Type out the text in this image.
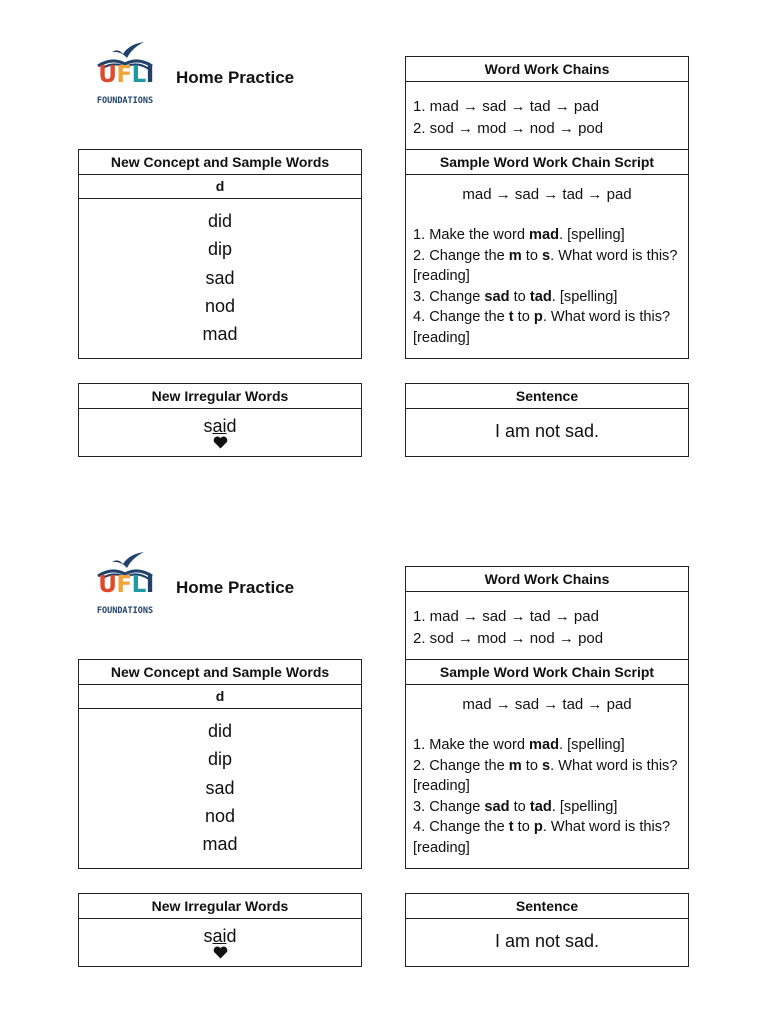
UFLI
FOUNDATIONS
Home Practice
New Concept and Sample Words
d
did
dip
sad
nod
mad
New Irregular Words
said
Word Work Chains
1. mad → sad → tad → pad
2. sod → mod → nod → pod
Sample Word Work Chain Script
mad → sad → tad → pad
1. Make the word mad. [spelling]
2. Change the m to s. What word is this? [reading]
3. Change sad to tad. [spelling]
4. Change the t to p. What word is this? [reading]
Sentence
I am not sad.
UFLI
FOUNDATIONS
Home Practice
New Concept and Sample Words
d
did
dip
sad
nod
mad
New Irregular Words
said
Word Work Chains
1. mad → sad → tad → pad
2. sod → mod → nod → pod
Sample Word Work Chain Script
mad → sad → tad → pad
1. Make the word mad. [spelling]
2. Change the m to s. What word is this? [reading]
3. Change sad to tad. [spelling]
4. Change the t to p. What word is this? [reading]
Sentence
I am not sad.
